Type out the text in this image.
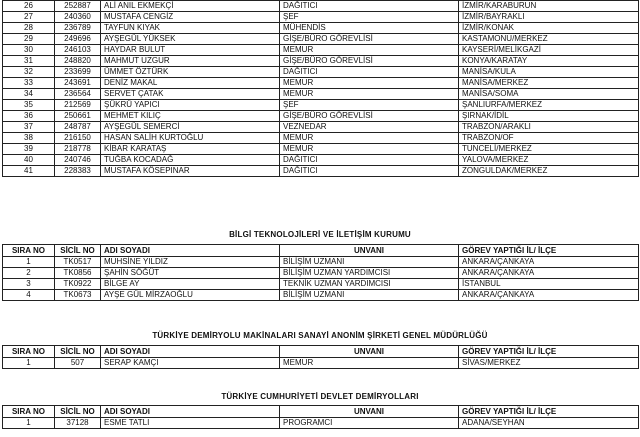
26	252887	ALİ ANIL EKMEKÇİ	DAĞITICI	İZMİR/KARABURUN
27	240360	MUSTAFA CENGİZ	ŞEF	İZMİR/BAYRAKLI
28	236789	TAYFUN KIYAK	MÜHENDİS	İZMİR/KONAK
29	249696	AYŞEGÜL YÜKSEK	GİŞE/BÜRO GÖREVLİSİ	KASTAMONU/MERKEZ
30	246103	HAYDAR BULUT	MEMUR	KAYSERİ/MELİKGAZİ
31	248820	MAHMUT UZGUR	GİŞE/BÜRO GÖREVLİSİ	KONYA/KARATAY
32	233699	ÜMMET ÖZTÜRK	DAĞITICI	MANİSA/KULA
33	243691	DENİZ MAKAL	MEMUR	MANİSA/MERKEZ
34	236564	SERVET ÇATAK	MEMUR	MANİSA/SOMA
35	212569	ŞÜKRÜ YAPICI	ŞEF	ŞANLIURFA/MERKEZ
36	250661	MEHMET KILIÇ	GİŞE/BÜRO GÖREVLİSİ	ŞIRNAK/İDİL
37	248787	AYŞEGÜL SEMERCİ	VEZNEDAR	TRABZON/ARAKLI
38	216150	HASAN SALİH KURTOĞLU	MEMUR	TRABZON/OF
39	218778	KİBAR KARATAŞ	MEMUR	TUNCELİ/MERKEZ
40	240746	TUĞBA KOCADAĞ	DAĞITICI	YALOVA/MERKEZ
41	228383	MUSTAFA KÖSEPINAR	DAĞITICI	ZONGULDAK/MERKEZ
BİLGİ TEKNOLOJİLERİ VE İLETİŞİM KURUMU
SIRA NO	SİCİL NO	ADI SOYADI	UNVANI	GÖREV YAPTIĞI İL/ İLÇE
1	TK0517	MUHSİNE YILDIZ	BİLİŞİM UZMANI	ANKARA/ÇANKAYA
2	TK0856	ŞAHİN SÖĞÜT	BİLİŞİM UZMAN YARDIMCISI	ANKARA/ÇANKAYA
3	TK0922	BİLGE AY	TEKNİK UZMAN YARDIMCISI	İSTANBUL
4	TK0673	AYŞE GÜL MİRZAOĞLU	BİLİŞİM UZMANI	ANKARA/ÇANKAYA
TÜRKİYE DEMİRYOLU MAKİNALARI SANAYİ ANONİM ŞİRKETİ GENEL MÜDÜRLÜĞÜ
SIRA NO	SİCİL NO	ADI SOYADI	UNVANI	GÖREV YAPTIĞI İL/ İLÇE
1	507	SERAP KAMÇI	MEMUR	SİVAS/MERKEZ
TÜRKİYE CUMHURİYETİ DEVLET DEMİRYOLLARI
SIRA NO	SİCİL NO	ADI SOYADI	UNVANI	GÖREV YAPTIĞI İL/ İLÇE
1	37128	ESME TATLI	PROGRAMCI	ADANA/SEYHAN
